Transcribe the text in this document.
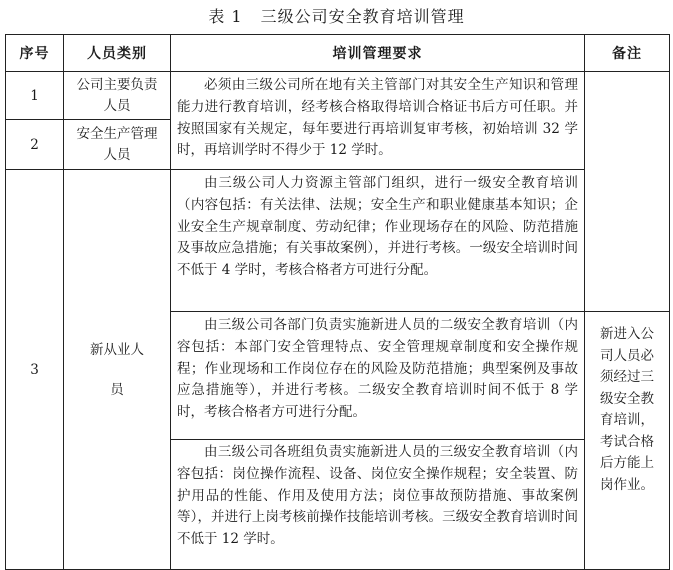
表 1 三级公司安全教育培训管理
序号	人员类别	培训管理要求	备注
1	公司主要负责人员	必须由三级公司所在地有关主管部门对其安全生产知识和管理能力进行教育培训，经考核合格取得培训合格证书后方可任职。并按照国家有关规定，每年要进行再培训复审考核，初始培训 32 学时，再培训学时不得少于 12 学时。	

2	安全生产管理人员		
3	新从业人员	由三级公司人力资源主管部门组织，进行一级安全教育培训（内容包括：有关法律、法规；安全生产和职业健康基本知识；企业安全生产规章制度、劳动纪律；作业现场存在的风险、防范措施及事故应急措施；有关事故案例），并进行考核。一级安全培训时间不低于 4 学时，考核合格者方可进行分配。	

		由三级公司各部门负责实施新进人员的二级安全教育培训（内容包括：本部门安全管理特点、安全管理规章制度和安全操作规程；作业现场和工作岗位存在的风险及防范措施；典型案例及事故应急措施等），并进行考核。二级安全教育培训时间不低于 8 学时，考核合格者方可进行分配。	新进入公司人员必须经过三级安全教育培训，考试合格后方能上岗作业。

		由三级公司各班组负责实施新进人员的三级安全教育培训（内容包括：岗位操作流程、设备、岗位安全操作规程；安全装置、防护用品的性能、作用及使用方法；岗位事故预防措施、事故案例等），并进行上岗考核前操作技能培训考核。三级安全教育培训时间不低于 12 学时。	
